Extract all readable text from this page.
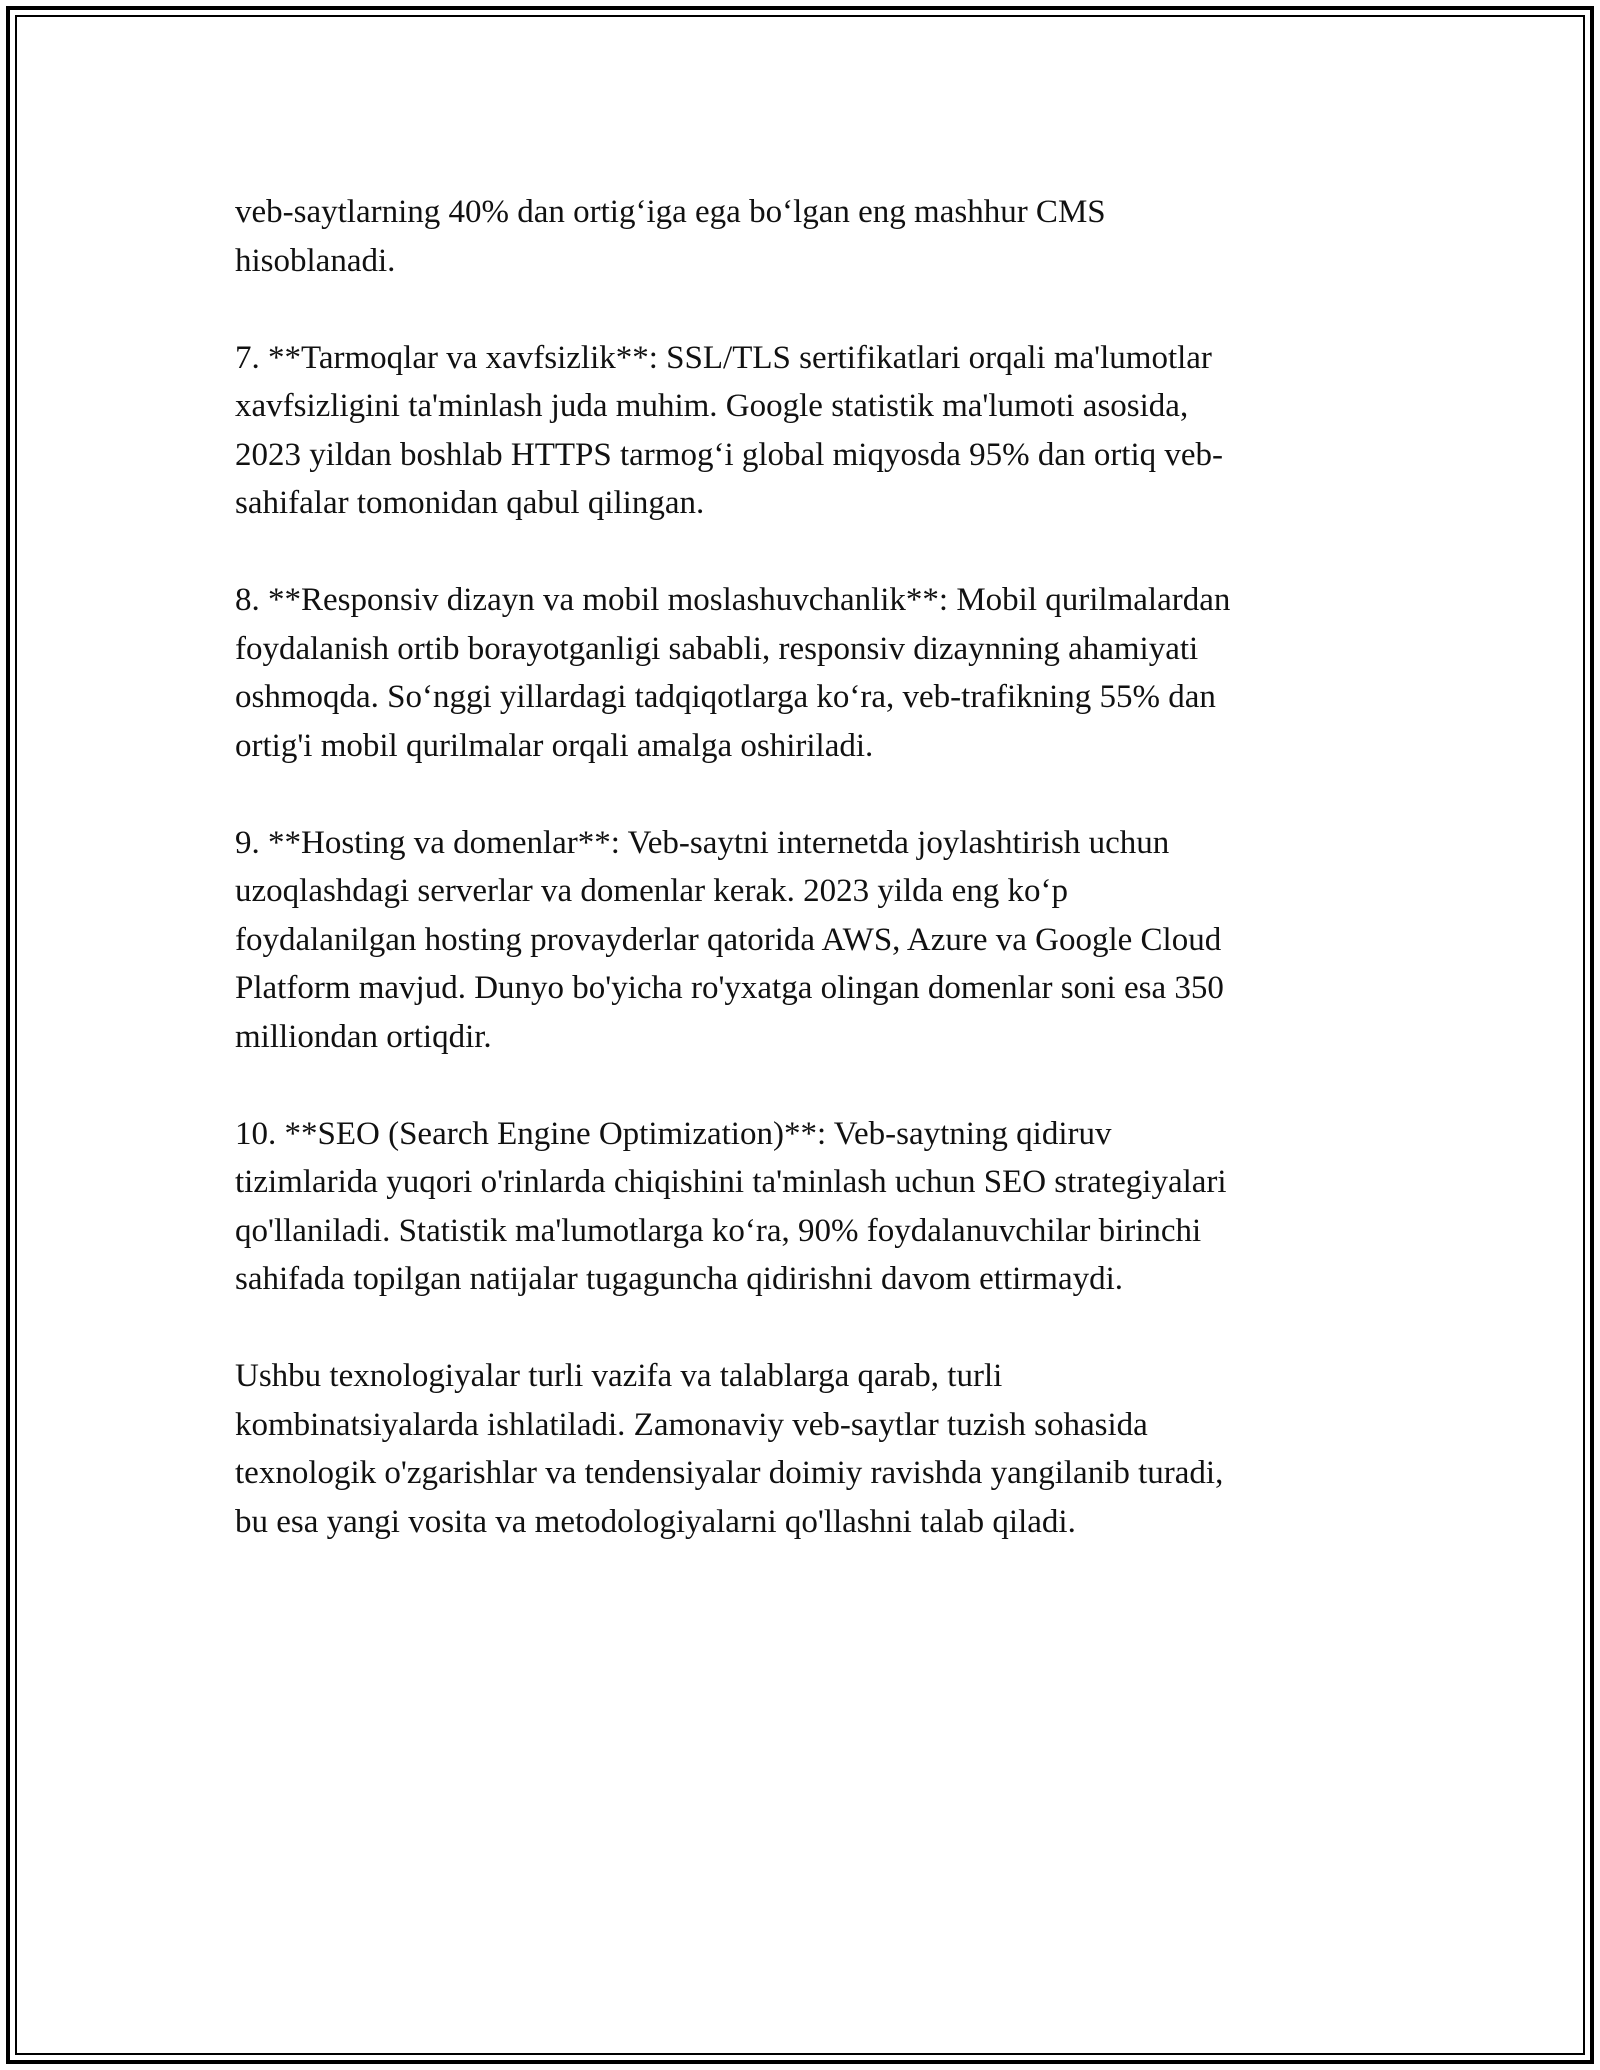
veb-saytlarning 40% dan ortig‘iga ega bo‘lgan eng mashhur CMS
hisoblanadi.

7. **Tarmoqlar va xavfsizlik**: SSL/TLS sertifikatlari orqali ma'lumotlar
xavfsizligini ta'minlash juda muhim. Google statistik ma'lumoti asosida,
2023 yildan boshlab HTTPS tarmog‘i global miqyosda 95% dan ortiq veb-
sahifalar tomonidan qabul qilingan.

8. **Responsiv dizayn va mobil moslashuvchanlik**: Mobil qurilmalardan
foydalanish ortib borayotganligi sababli, responsiv dizaynning ahamiyati
oshmoqda. So‘nggi yillardagi tadqiqotlarga ko‘ra, veb-trafikning 55% dan
ortig'i mobil qurilmalar orqali amalga oshiriladi.

9. **Hosting va domenlar**: Veb-saytni internetda joylashtirish uchun
uzoqlashdagi serverlar va domenlar kerak. 2023 yilda eng ko‘p
foydalanilgan hosting provayderlar qatorida AWS, Azure va Google Cloud
Platform mavjud. Dunyo bo'yicha ro'yxatga olingan domenlar soni esa 350
milliondan ortiqdir.

10. **SEO (Search Engine Optimization)**: Veb-saytning qidiruv
tizimlarida yuqori o'rinlarda chiqishini ta'minlash uchun SEO strategiyalari
qo'llaniladi. Statistik ma'lumotlarga ko‘ra, 90% foydalanuvchilar birinchi
sahifada topilgan natijalar tugaguncha qidirishni davom ettirmaydi.

Ushbu texnologiyalar turli vazifa va talablarga qarab, turli
kombinatsiyalarda ishlatiladi. Zamonaviy veb-saytlar tuzish sohasida
texnologik o'zgarishlar va tendensiyalar doimiy ravishda yangilanib turadi,
bu esa yangi vosita va metodologiyalarni qo'llashni talab qiladi.
